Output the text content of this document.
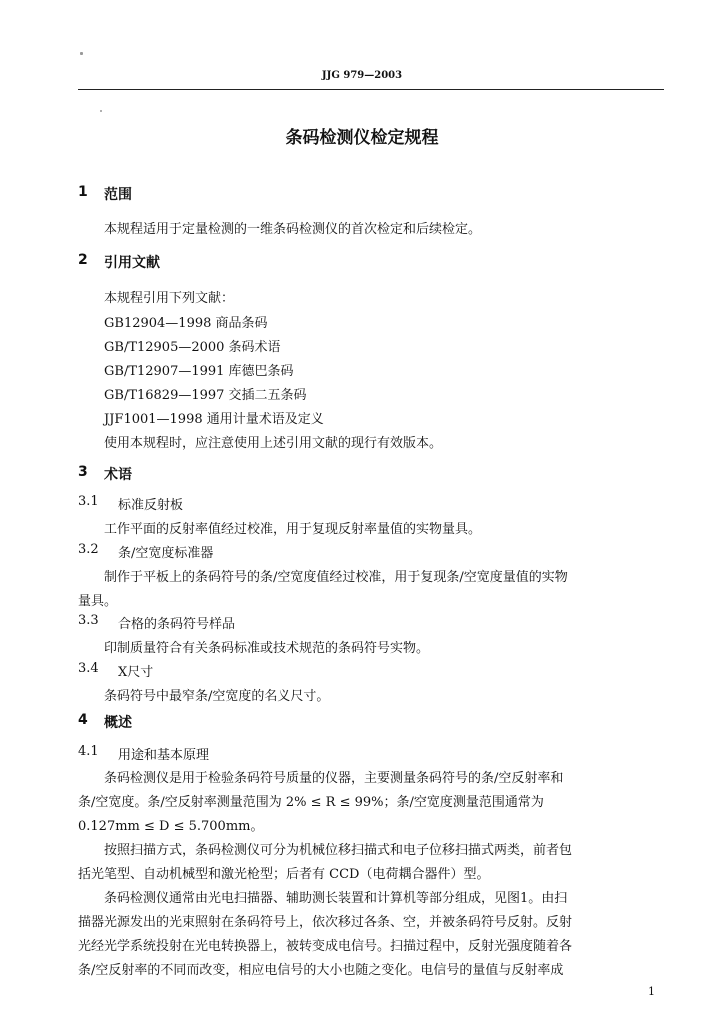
JJG 979—2003
条码检测仪检定规程
1 范围
本规程适用于定量检测的一维条码检测仪的首次检定和后续检定。
2 引用文献
本规程引用下列文献：
GB12904—1998 商品条码
GB/T12905—2000 条码术语
GB/T12907—1991 库德巴条码
GB/T16829—1997 交插二五条码
JJF1001—1998 通用计量术语及定义
使用本规程时，应注意使用上述引用文献的现行有效版本。
3 术语
3.1 标准反射板
工作平面的反射率值经过校准，用于复现反射率量值的实物量具。
3.2 条/空宽度标准器
制作于平板上的条码符号的条/空宽度值经过校准，用于复现条/空宽度量值的实物
量具。
3.3 合格的条码符号样品
印制质量符合有关条码标准或技术规范的条码符号实物。
3.4 X尺寸
条码符号中最窄条/空宽度的名义尺寸。
4 概述
4.1 用途和基本原理
条码检测仪是用于检验条码符号质量的仪器，主要测量条码符号的条/空反射率和
条/空宽度。条/空反射率测量范围为 2% ≤ R ≤ 99%；条/空宽度测量范围通常为
0.127mm ≤ D ≤ 5.700mm。
按照扫描方式，条码检测仪可分为机械位移扫描式和电子位移扫描式两类，前者包
括光笔型、自动机械型和激光枪型；后者有 CCD（电荷耦合器件）型。
条码检测仪通常由光电扫描器、辅助测长装置和计算机等部分组成，见图1。由扫
描器光源发出的光束照射在条码符号上，依次移过各条、空，并被条码符号反射。反射
光经光学系统投射在光电转换器上，被转变成电信号。扫描过程中，反射光强度随着各
条/空反射率的不同而改变，相应电信号的大小也随之变化。电信号的量值与反射率成
1
